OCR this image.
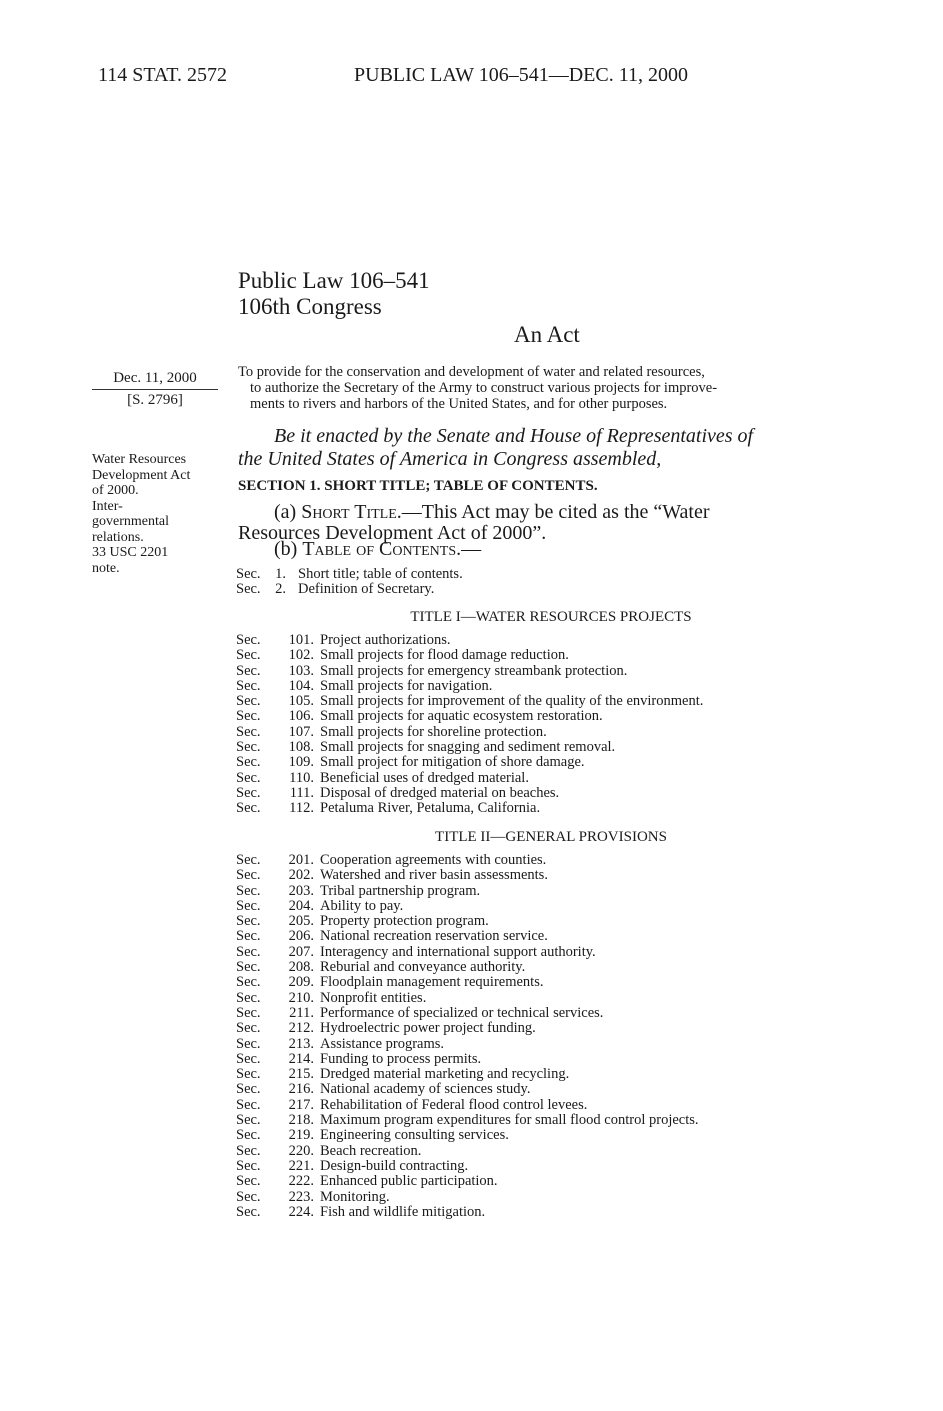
114 STAT. 2572	PUBLIC LAW 106–541—DEC. 11, 2000
Public Law 106–541
106th Congress
An Act
Dec. 11, 2000
[S. 2796]

To provide for the conservation and development of water and related resources,

to authorize the Secretary of the Army to construct various projects for improve-

ments to rivers and harbors of the United States, and for other purposes.

Water Resources
Development Act
of 2000.
Inter-
governmental
relations.
33 USC 2201
note.
Be it enacted by the Senate and House of Representatives of
the United States of America in Congress assembled,
SECTION 1. SHORT TITLE; TABLE OF CONTENTS.
(a) Short Title.—This Act may be cited as the “Water
Resources Development Act of 2000”.
(b) Table of Contents.—
Sec.	1. Short title; table of contents.
Sec.	2. Definition of Secretary.
TITLE I—WATER RESOURCES PROJECTS
Sec.	101. Project authorizations.
Sec.	102. Small projects for flood damage reduction.
Sec.	103. Small projects for emergency streambank protection.
Sec.	104. Small projects for navigation.
Sec.	105. Small projects for improvement of the quality of the environment.
Sec.	106. Small projects for aquatic ecosystem restoration.
Sec.	107. Small projects for shoreline protection.
Sec.	108. Small projects for snagging and sediment removal.
Sec.	109. Small project for mitigation of shore damage.
Sec.	110. Beneficial uses of dredged material.
Sec.	111. Disposal of dredged material on beaches.
Sec.	112. Petaluma River, Petaluma, California.
TITLE II—GENERAL PROVISIONS
Sec.	201. Cooperation agreements with counties.
Sec.	202. Watershed and river basin assessments.
Sec.	203. Tribal partnership program.
Sec.	204. Ability to pay.
Sec.	205. Property protection program.
Sec.	206. National recreation reservation service.
Sec.	207. Interagency and international support authority.
Sec.	208. Reburial and conveyance authority.
Sec.	209. Floodplain management requirements.
Sec.	210. Nonprofit entities.
Sec.	211. Performance of specialized or technical services.
Sec.	212. Hydroelectric power project funding.
Sec.	213. Assistance programs.
Sec.	214. Funding to process permits.
Sec.	215. Dredged material marketing and recycling.
Sec.	216. National academy of sciences study.
Sec.	217. Rehabilitation of Federal flood control levees.
Sec.	218. Maximum program expenditures for small flood control projects.
Sec.	219. Engineering consulting services.
Sec.	220. Beach recreation.
Sec.	221. Design-build contracting.
Sec.	222. Enhanced public participation.
Sec.	223. Monitoring.
Sec.	224. Fish and wildlife mitigation.
